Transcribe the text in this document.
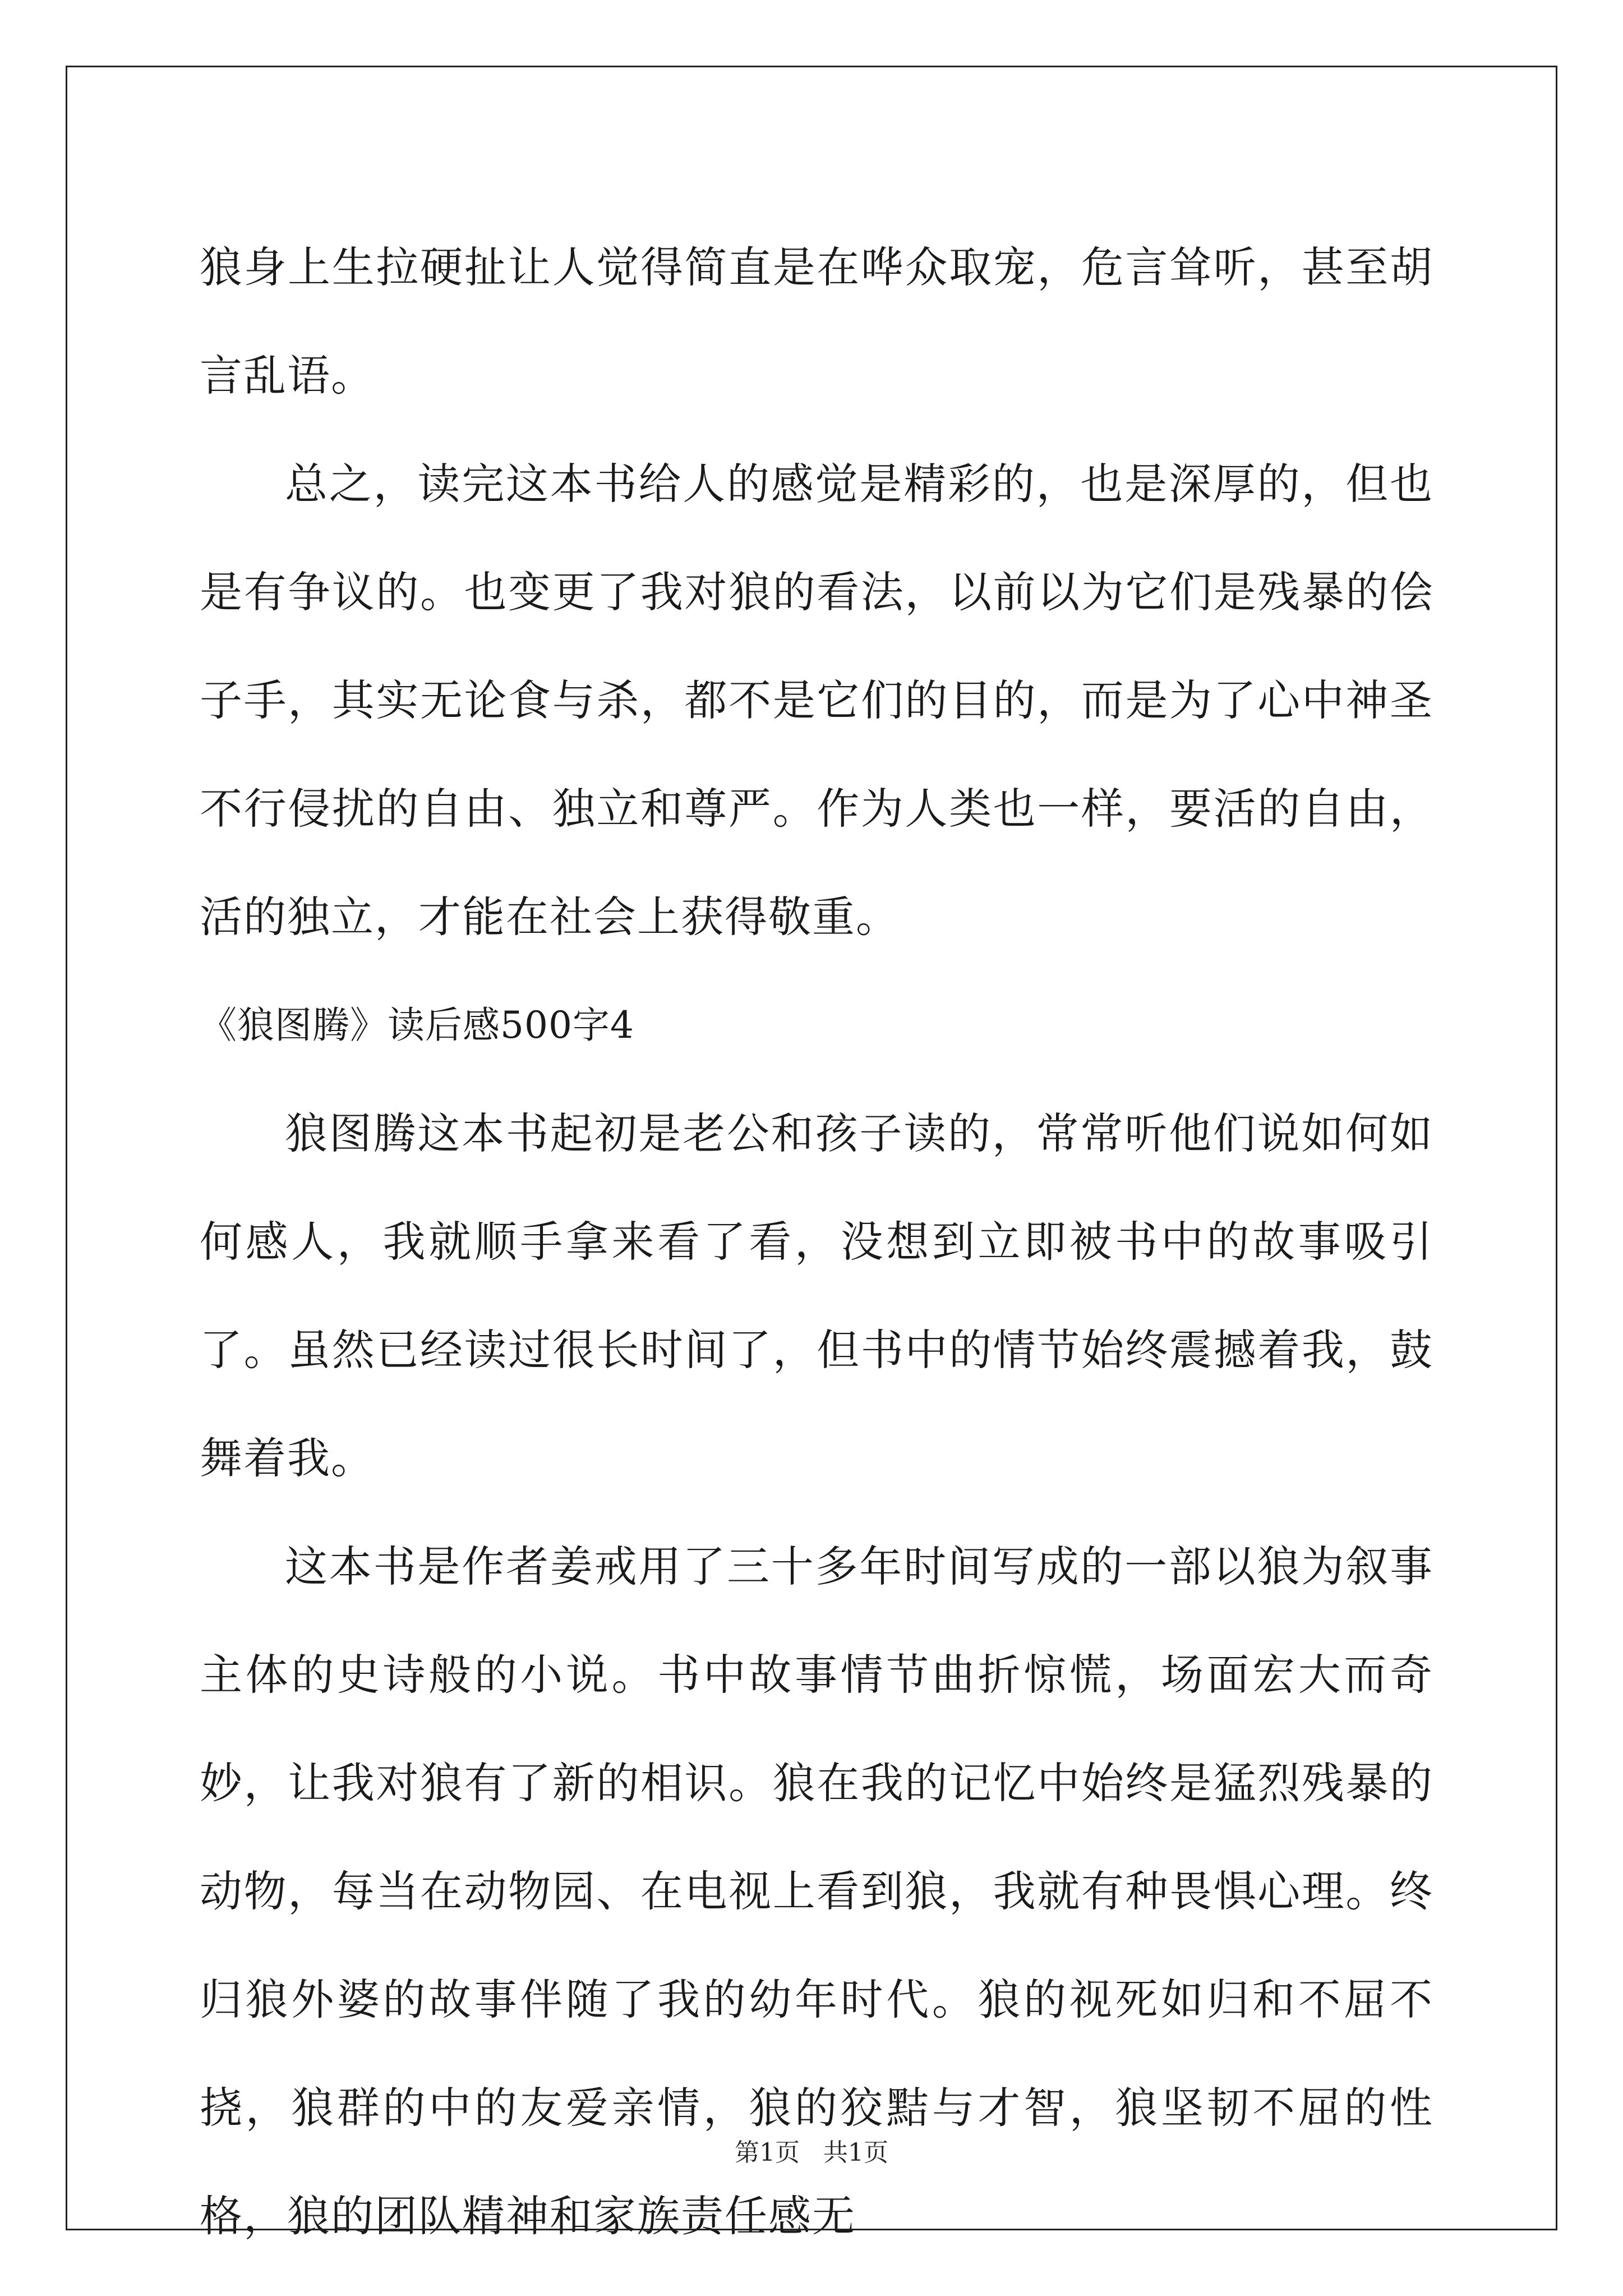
狼身上生拉硬扯让人觉得简直是在哗众取宠，危言耸听，甚至胡言乱语。

总之，读完这本书给人的感觉是精彩的，也是深厚的，但也是有争议的。也变更了我对狼的看法，以前以为它们是残暴的侩子手，其实无论食与杀，都不是它们的目的，而是为了心中神圣不行侵扰的自由、独立和尊严。作为人类也一样，要活的自由，活的独立，才能在社会上获得敬重。

《狼图腾》读后感500字4

狼图腾这本书起初是老公和孩子读的，常常听他们说如何如何感人，我就顺手拿来看了看，没想到立即被书中的故事吸引了。虽然已经读过很长时间了，但书中的情节始终震撼着我，鼓舞着我。

这本书是作者姜戒用了三十多年时间写成的一部以狼为叙事主体的史诗般的小说。书中故事情节曲折惊慌，场面宏大而奇妙，让我对狼有了新的相识。狼在我的记忆中始终是猛烈残暴的动物，每当在动物园、在电视上看到狼，我就有种畏惧心理。终归狼外婆的故事伴随了我的幼年时代。狼的视死如归和不屈不挠，狼群的中的友爱亲情，狼的狡黠与才智，狼坚韧不屈的性格，狼的团队精神和家族责任感无

第1页   共1页
